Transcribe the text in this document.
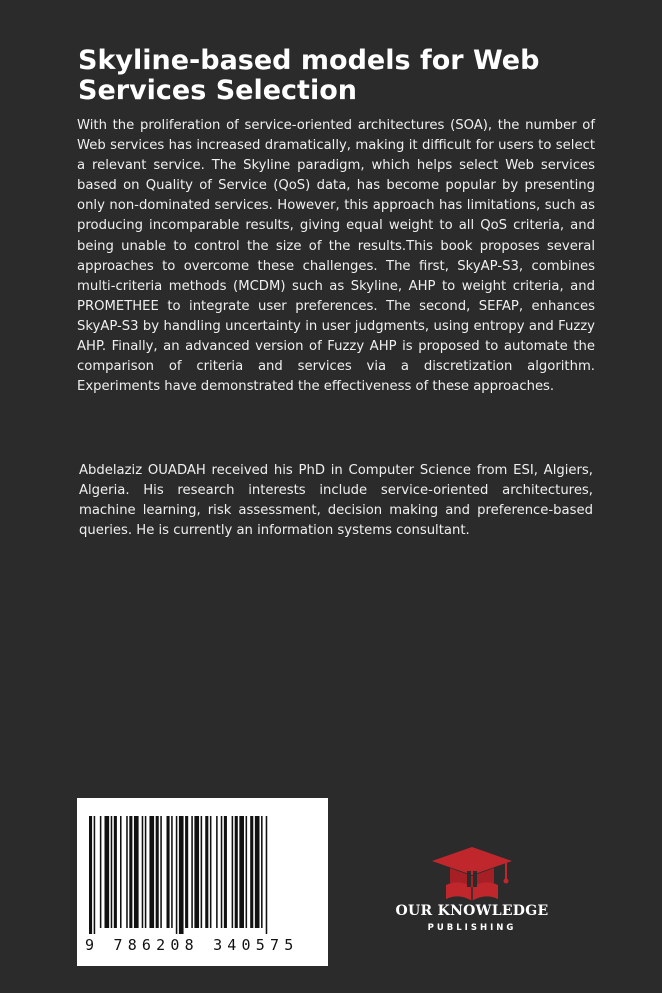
Skyline-based models for Web Services Selection

With the proliferation of service-oriented architectures (SOA), the number of Web services has increased dramatically, making it difficult for users to select a relevant service. The Skyline paradigm, which helps select Web services based on Quality of Service (QoS) data, has become popular by presenting only non-dominated services. However, this approach has limitations, such as producing incomparable results, giving equal weight to all QoS criteria, and being unable to control the size of the results.This book proposes several approaches to overcome these challenges. The first, SkyAP-S3, combines multi-criteria methods (MCDM) such as Skyline, AHP to weight criteria, and PROMETHEE to integrate user preferences. The second, SEFAP, enhances SkyAP-S3 by handling uncertainty in user judgments, using entropy and Fuzzy AHP. Finally, an advanced version of Fuzzy AHP is proposed to automate the comparison of criteria and services via a discretization algorithm. Experiments have demonstrated the effectiveness of these approaches.

Abdelaziz OUADAH received his PhD in Computer Science from ESI, Algiers, Algeria. His research interests include service-oriented architectures, machine learning, risk assessment, decision making and preference-based queries. He is currently an information systems consultant.

9 786208 340575
OUR KNOWLEDGE
PUBLISHING
